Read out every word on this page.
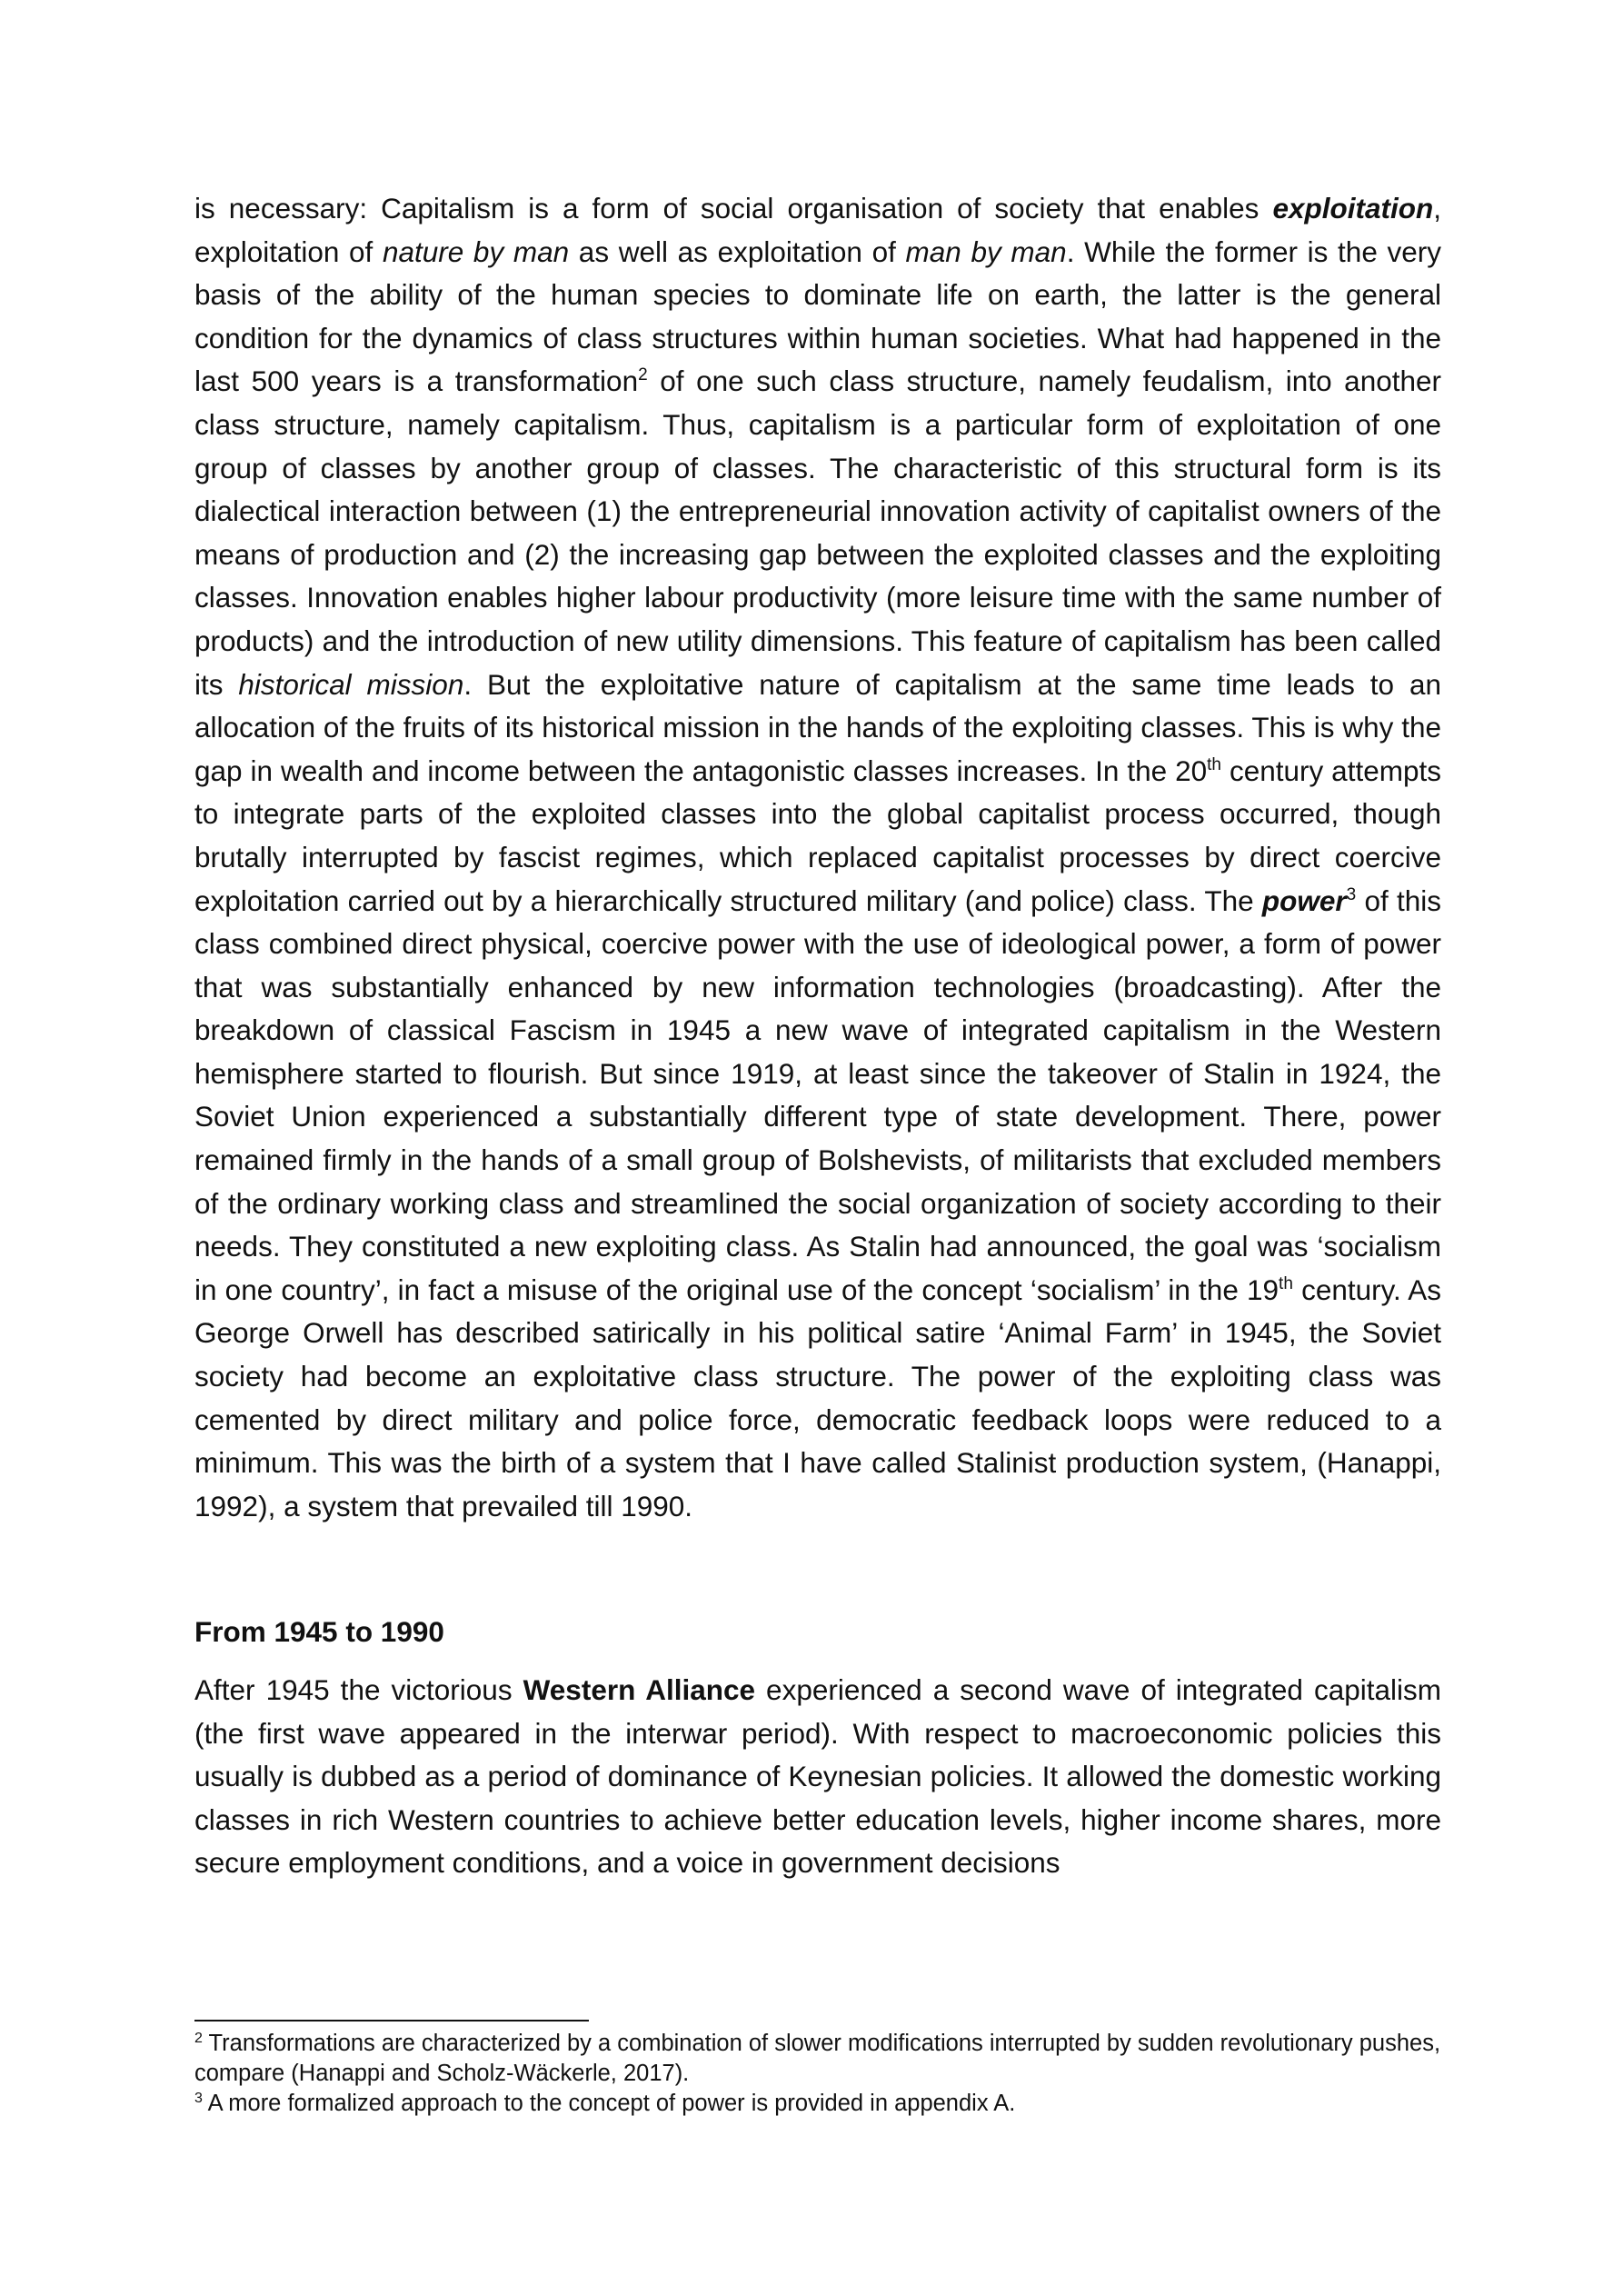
is necessary: Capitalism is a form of social organisation of society that enables exploitation, exploitation of nature by man as well as exploitation of man by man. While the former is the very basis of the ability of the human species to dominate life on earth, the latter is the general condition for the dynamics of class structures within human societies. What had happened in the last 500 years is a transformation$^2$ of one such class structure, namely feudalism, into another class structure, namely capitalism. Thus, capitalism is a particular form of exploitation of one group of classes by another group of classes. The characteristic of this structural form is its dialectical interaction between (1) the entrepreneurial innovation activity of capitalist owners of the means of production and (2) the increasing gap between the exploited classes and the exploiting classes. Innovation enables higher labour productivity (more leisure time with the same number of products) and the introduction of new utility dimensions. This feature of capitalism has been called its historical mission. But the exploitative nature of capitalism at the same time leads to an allocation of the fruits of its historical mission in the hands of the exploiting classes. This is why the gap in wealth and income between the antagonistic classes increases. In the 20th century attempts to integrate parts of the exploited classes into the global capitalist process occurred, though brutally interrupted by fascist regimes, which replaced capitalist processes by direct coercive exploitation carried out by a hierarchically structured military (and police) class. The power$^3$ of this class combined direct physical, coercive power with the use of ideological power, a form of power that was substantially enhanced by new information technologies (broadcasting). After the breakdown of classical Fascism in 1945 a new wave of integrated capitalism in the Western hemisphere started to flourish. But since 1919, at least since the takeover of Stalin in 1924, the Soviet Union experienced a substantially different type of state development. There, power remained firmly in the hands of a small group of Bolshevists, of militarists that excluded members of the ordinary working class and streamlined the social organization of society according to their needs. They constituted a new exploiting class. As Stalin had announced, the goal was ‘socialism in one country’, in fact a misuse of the original use of the concept ‘socialism’ in the 19th century. As George Orwell has described satirically in his political satire ‘Animal Farm’ in 1945, the Soviet society had become an exploitative class structure. The power of the exploiting class was cemented by direct military and police force, democratic feedback loops were reduced to a minimum. This was the birth of a system that I have called Stalinist production system, (Hanappi, 1992), a system that prevailed till 1990.

From 1945 to 1990

After 1945 the victorious Western Alliance experienced a second wave of integrated capitalism (the first wave appeared in the interwar period). With respect to macroeconomic policies this usually is dubbed as a period of dominance of Keynesian policies. It allowed the domestic working classes in rich Western countries to achieve better education levels, higher income shares, more secure employment conditions, and a voice in government decisions

$^2$ Transformations are characterized by a combination of slower modifications interrupted by sudden revolutionary pushes, compare (Hanappi and Scholz-Wäckerle, 2017).

$^3$ A more formalized approach to the concept of power is provided in appendix A.
